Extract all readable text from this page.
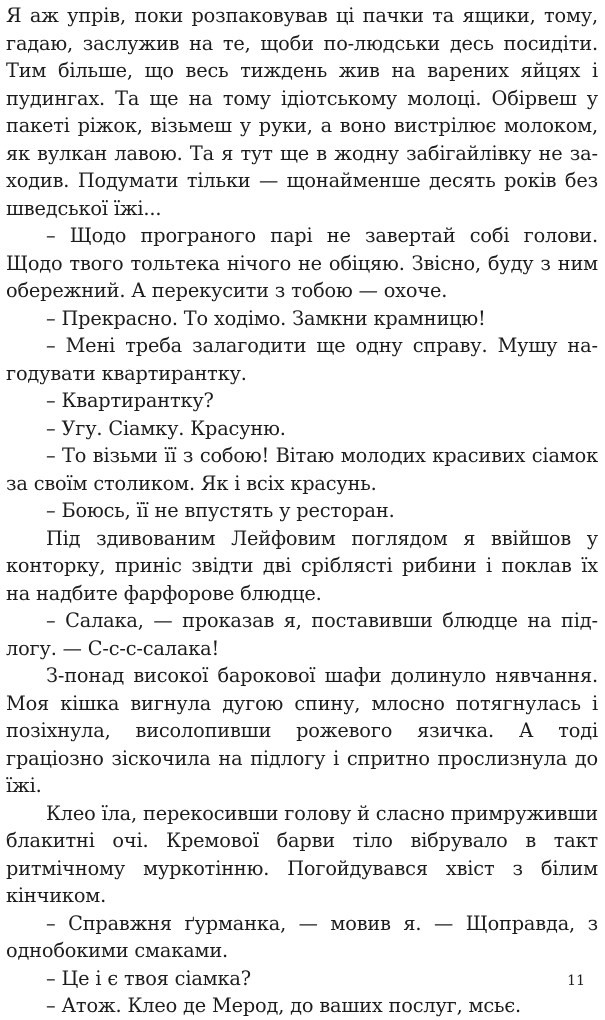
Я аж упрів, поки розпаковував ці пачки та ящики, тому, гадаю, заслужив на те, щоби по-людськи десь посидіти. Тим більше, що весь тиждень жив на варених яйцях і пудингах. Та ще на тому ідіотському молоці. Обірвеш у пакеті ріжок, візьмеш у руки, а воно вистрілює молоком, як вулкан лавою. Та я тут ще в жодну забігайлівку не заходив. Подумати тільки — щонайменше десять років без шведської їжі...

– Щодо програного парі не завертай собі голови. Щодо твого тольтека нічого не обіцяю. Звісно, буду з ним обережний. А перекусити з тобою — охоче.

– Прекрасно. То ходімо. Замкни крамницю!

– Мені треба залагодити ще одну справу. Мушу нагодувати квартирантку.

– Квартирантку?

– Угу. Сіамку. Красуню.

– То візьми її з собою! Вітаю молодих красивих сіамок за своїм столиком. Як і всіх красунь.

– Боюсь, її не впустять у ресторан.

Під здивованим Лейфовим поглядом я ввійшов у конторку, приніс звідти дві сріблясті рибини і поклав їх на надбите фарфорове блюдце.

– Салака, — проказав я, поставивши блюдце на підлогу. — С-с-с-салака!

З-понад високої барокової шафи долинуло нявчання. Моя кішка вигнула дугою спину, млосно потягнулась і позіхнула, висолопивши рожевого язичка. А тоді граціозно зіскочила на підлогу і спритно прослизнула до їжі.

Клео їла, перекосивши голову й сласно примруживши блакитні очі. Кремової барви тіло вібрувало в такт ритмічному муркотінню. Погойдувався хвіст з білим кінчиком.

– Справжня ґурманка, — мовив я. — Щоправда, з однобокими смаками.

– Це і є твоя сіамка?

– Атож. Клео де Мерод, до ваших послуг, мсьє.

11
